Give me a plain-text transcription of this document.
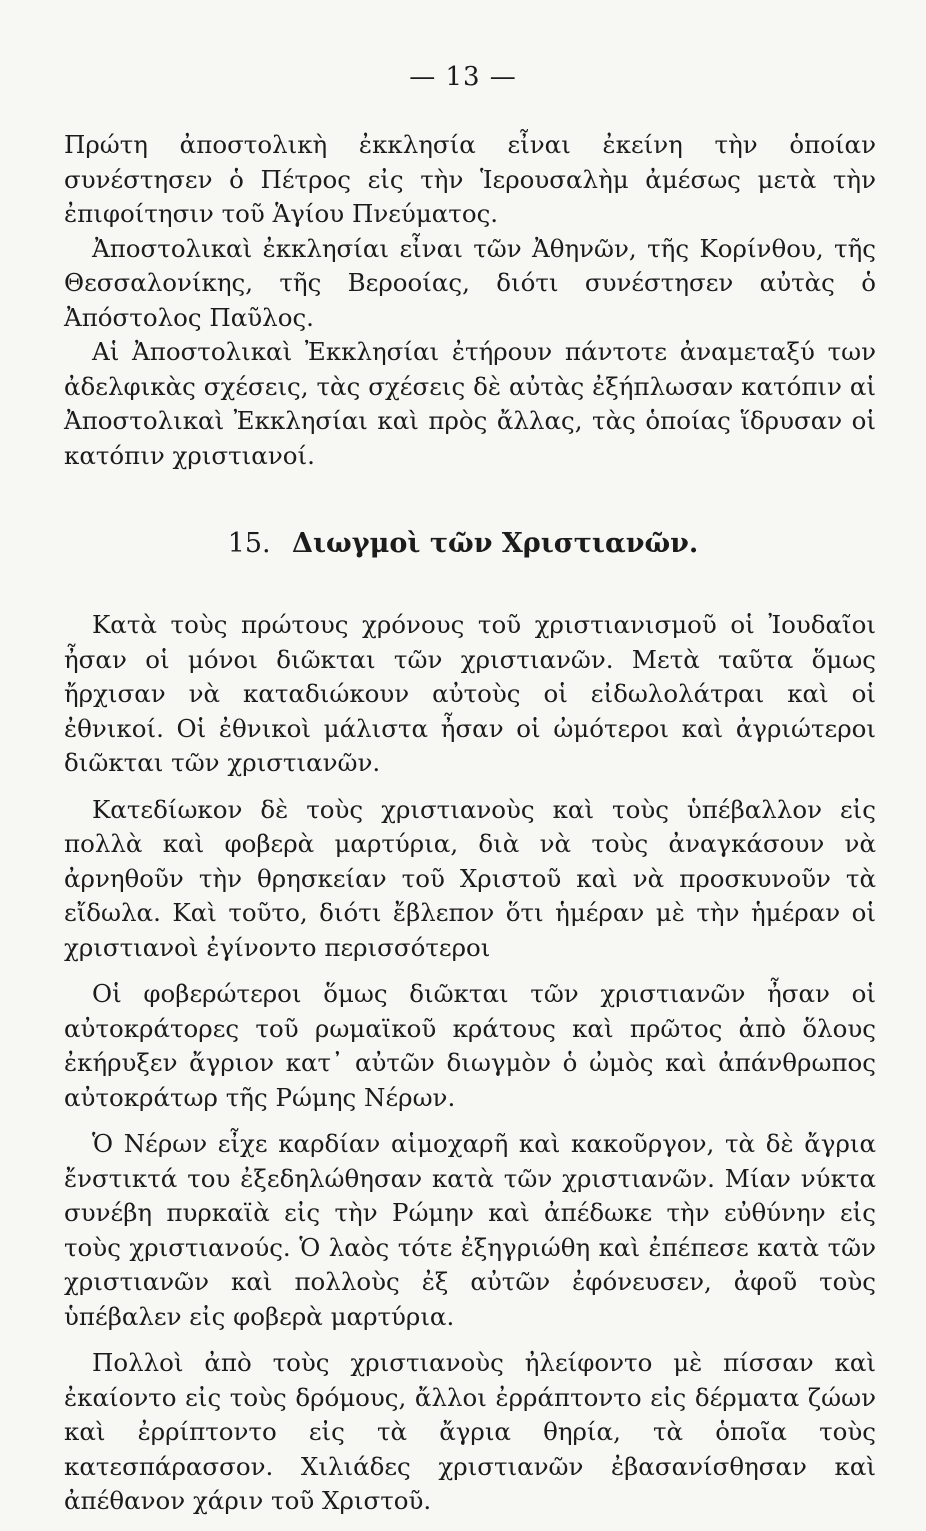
— 13 —

Πρώτη ἀποστολικὴ ἐκκλησία εἶναι ἐκείνη τὴν ὁποίαν συνέστησεν ὁ Πέτρος εἰς τὴν Ἱερουσαλὴμ ἀμέσως μετὰ τὴν ἐπιφοίτησιν τοῦ Ἁγίου Πνεύματος.

Ἀποστολικαὶ ἐκκλησίαι εἶναι τῶν Ἀθηνῶν, τῆς Κορίνθου, τῆς Θεσσαλονίκης, τῆς Βεροοίας, διότι συνέστησεν αὐτὰς ὁ Ἀπόστολος Παῦλος.

Αἱ Ἀποστολικαὶ Ἐκκλησίαι ἐτήρουν πάντοτε ἀναμεταξύ των ἀδελφικὰς σχέσεις, τὰς σχέσεις δὲ αὐτὰς ἐξήπλωσαν κατόπιν αἱ Ἀποστολικαὶ Ἐκκλησίαι καὶ πρὸς ἄλλας, τὰς ὁποίας ἵδρυσαν οἱ κατόπιν χριστιανοί.

15. Διωγμοὶ τῶν Χριστιανῶν.

Κατὰ τοὺς πρώτους χρόνους τοῦ χριστιανισμοῦ οἱ Ἰουδαῖοι ἦσαν οἱ μόνοι διῶκται τῶν χριστιανῶν. Μετὰ ταῦτα ὅμως ἤρχισαν νὰ καταδιώκουν αὐτοὺς οἱ εἰδωλολάτραι καὶ οἱ ἐθνικοί. Οἱ ἐθνικοὶ μάλιστα ἦσαν οἱ ὠμότεροι καὶ ἀγριώτεροι διῶκται τῶν χριστιανῶν.

Κατεδίωκον δὲ τοὺς χριστιανοὺς καὶ τοὺς ὑπέβαλλον εἰς πολλὰ καὶ φοβερὰ μαρτύρια, διὰ νὰ τοὺς ἀναγκάσουν νὰ ἀρνηθοῦν τὴν θρησκείαν τοῦ Χριστοῦ καὶ νὰ προσκυνοῦν τὰ εἴδωλα. Καὶ τοῦτο, διότι ἔβλεπον ὅτι ἡμέραν μὲ τὴν ἡμέραν οἱ χριστιανοὶ ἐγίνοντο περισσότεροι

Οἱ φοβερώτεροι ὅμως διῶκται τῶν χριστιανῶν ἦσαν οἱ αὐτοκράτορες τοῦ ρωμαϊκοῦ κράτους καὶ πρῶτος ἀπὸ ὅλους ἐκήρυξεν ἄγριον κατ᾽ αὐτῶν διωγμὸν ὁ ὠμὸς καὶ ἀπάνθρωπος αὐτοκράτωρ τῆς Ρώμης Νέρων.

Ὁ Νέρων εἶχε καρδίαν αἱμοχαρῆ καὶ κακοῦργον, τὰ δὲ ἄγρια ἔνστικτά του ἐξεδηλώθησαν κατὰ τῶν χριστιανῶν. Μίαν νύκτα συνέβη πυρκαϊὰ εἰς τὴν Ρώμην καὶ ἀπέδωκε τὴν εὐθύνην εἰς τοὺς χριστιανούς. Ὁ λαὸς τότε ἐξηγριώθη καὶ ἐπέπεσε κατὰ τῶν χριστιανῶν καὶ πολλοὺς ἐξ αὐτῶν ἐφόνευσεν, ἀφοῦ τοὺς ὑπέβαλεν εἰς φοβερὰ μαρτύρια.

Πολλοὶ ἀπὸ τοὺς χριστιανοὺς ἠλείφοντο μὲ πίσσαν καὶ ἐκαίοντο εἰς τοὺς δρόμους, ἄλλοι ἐρράπτοντο εἰς δέρματα ζώων καὶ ἐρρίπτοντο εἰς τὰ ἄγρια θηρία, τὰ ὁποῖα τοὺς κατεσπάρασσον. Χιλιάδες χριστιανῶν ἐβασανίσθησαν καὶ ἀπέθανον χάριν τοῦ Χριστοῦ.
